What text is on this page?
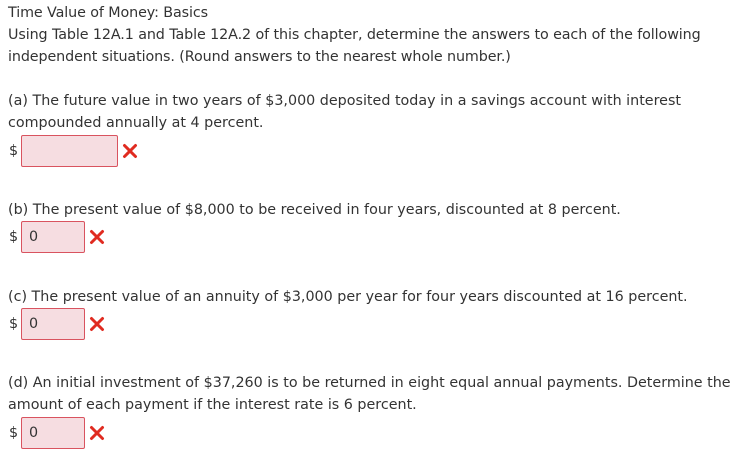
Time Value of Money: Basics
Using Table 12A.1 and Table 12A.2 of this chapter, determine the answers to each of the following independent situations. (Round answers to the nearest whole number.)
(a) The future value in two years of $3,000 deposited today in a savings account with interest compounded annually at 4 percent.
$
(b) The present value of $8,000 to be received in four years, discounted at 8 percent.
$
0
(c) The present value of an annuity of $3,000 per year for four years discounted at 16 percent.
$
0
(d) An initial investment of $37,260 is to be returned in eight equal annual payments. Determine the amount of each payment if the interest rate is 6 percent.
$
0
